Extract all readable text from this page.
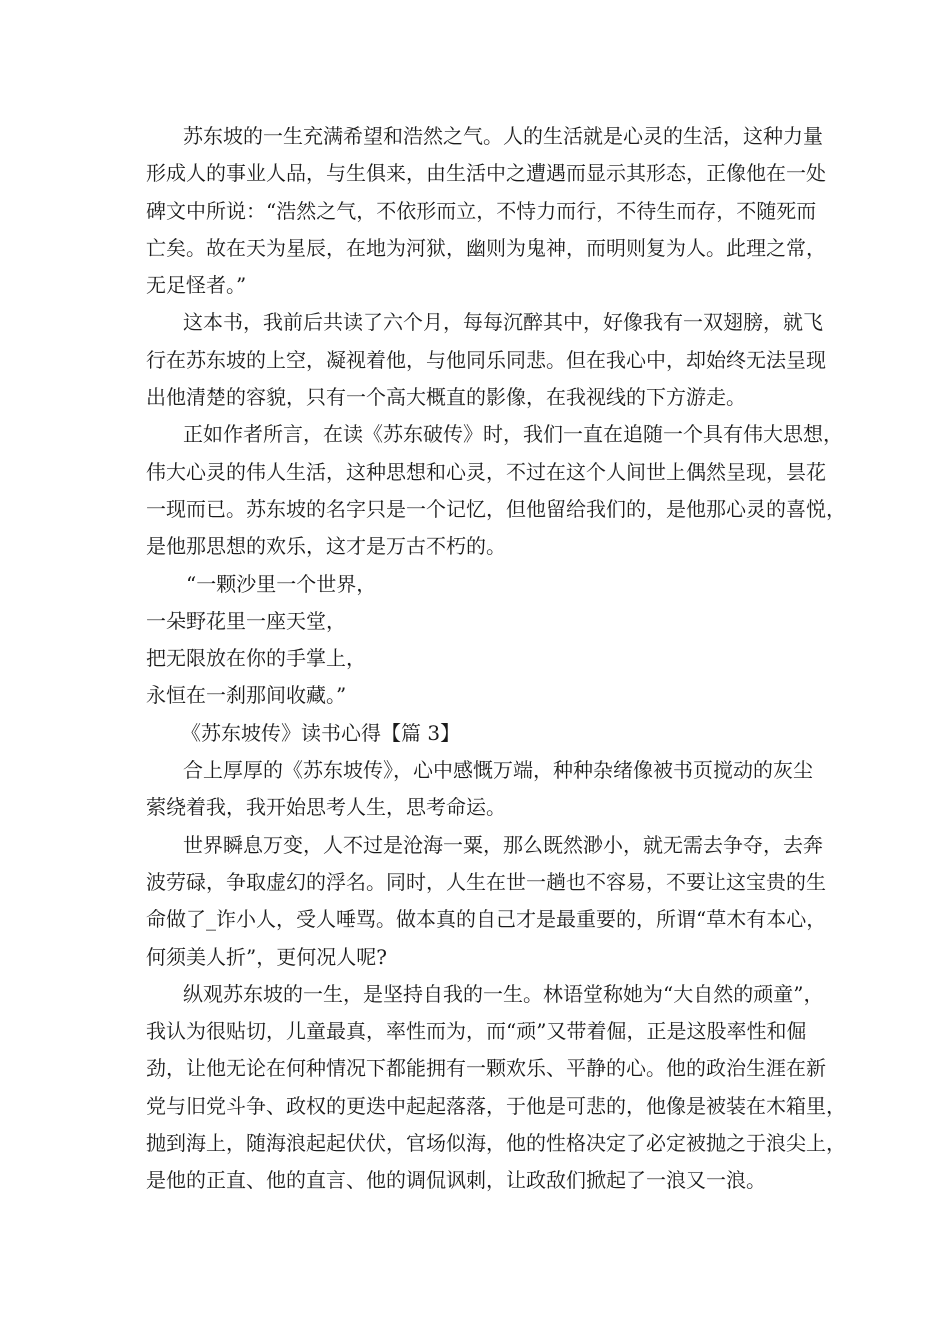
苏东坡的一生充满希望和浩然之气。人的生活就是心灵的生活，这种力量
形成人的事业人品，与生俱来，由生活中之遭遇而显示其形态，正像他在一处
碑文中所说：“浩然之气，不依形而立，不恃力而行，不待生而存，不随死而
亡矣。故在天为星辰，在地为河狱，幽则为鬼神，而明则复为人。此理之常，
无足怪者。”
这本书，我前后共读了六个月，每每沉醉其中，好像我有一双翅膀，就飞
行在苏东坡的上空，凝视着他，与他同乐同悲。但在我心中，却始终无法呈现
出他清楚的容貌，只有一个高大概直的影像，在我视线的下方游走。
正如作者所言，在读《苏东破传》时，我们一直在追随一个具有伟大思想，
伟大心灵的伟人生活，这种思想和心灵，不过在这个人间世上偶然呈现，昙花
一现而已。苏东坡的名字只是一个记忆，但他留给我们的，是他那心灵的喜悦，
是他那思想的欢乐，这才是万古不朽的。
“一颗沙里一个世界，
一朵野花里一座天堂，
把无限放在你的手掌上，
永恒在一刹那间收藏。”
《苏东坡传》读书心得【篇 3】
合上厚厚的《苏东坡传》，心中感慨万端，种种杂绪像被书页搅动的灰尘
萦绕着我，我开始思考人生，思考命运。
世界瞬息万变，人不过是沧海一粟，那么既然渺小，就无需去争夺，去奔
波劳碌，争取虚幻的浮名。同时，人生在世一趟也不容易，不要让这宝贵的生
命做了_诈小人，受人唾骂。做本真的自己才是最重要的，所谓“草木有本心，
何须美人折”，更何况人呢?
纵观苏东坡的一生，是坚持自我的一生。林语堂称她为“大自然的顽童”，
我认为很贴切，儿童最真，率性而为，而“顽”又带着倔，正是这股率性和倔
劲，让他无论在何种情况下都能拥有一颗欢乐、平静的心。他的政治生涯在新
党与旧党斗争、政权的更迭中起起落落，于他是可悲的，他像是被装在木箱里，
抛到海上，随海浪起起伏伏，官场似海，他的性格决定了必定被抛之于浪尖上，
是他的正直、他的直言、他的调侃讽刺，让政敌们掀起了一浪又一浪。
